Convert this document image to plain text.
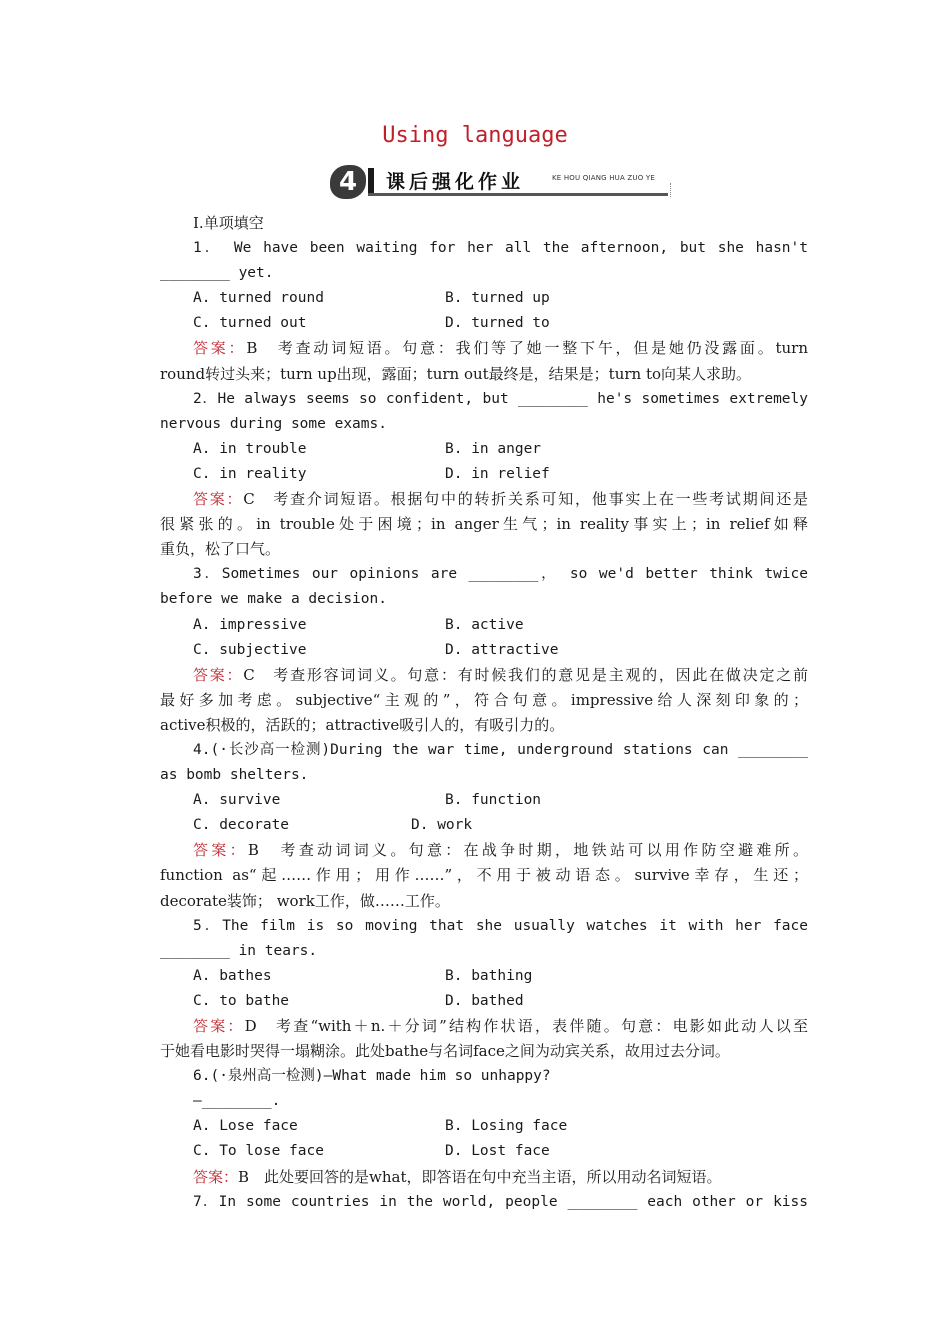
Using language
4	课后强化作业	KE HOU QIANG HUA ZUO YE
Ⅰ.单项填空
1． We have been waiting for her all the afternoon, but she hasn't
________ yet.
A. turned round	B. turned up
C. turned out	D. turned to
答案：B　考查动词短语。句意：我们等了她一整下午，但是她仍没露面。turn
round转过头来；turn up出现，露面；turn out最终是，结果是；turn to向某人求助。
2．He always seems so confident, but ________ he's sometimes extremely
nervous during some exams.
A. in trouble	B. in anger
C. in reality	D. in relief
答案：C　考查介词短语。根据句中的转折关系可知，他事实上在一些考试期间还是
很紧张的。in trouble处于困境；in anger生气；in reality事实上；in relief如释
重负，松了口气。
3．Sometimes our opinions are ________， so we'd better think twice
before we make a decision.
A. impressive	B. active
C. subjective	D. attractive
答案：C　考查形容词词义。句意：有时候我们的意见是主观的，因此在做决定之前
最好多加考虑。subjective“主观的”，符合句意。impressive给人深刻印象的；
active积极的，活跃的；attractive吸引人的，有吸引力的。
4.(·长沙高一检测)During the war time, underground stations can ________
as bomb shelters.
A. survive	B. function
C. decorate	D. work
答案：B　考查动词词义。句意：在战争时期，地铁站可以用作防空避难所。
function as“起……作用；用作……”，不用于被动语态。survive幸存，生还；
decorate装饰； work工作，做……工作。
5．The film is so moving that she usually watches it with her face
________ in tears.
A. bathes	B. bathing
C. to bathe	D. bathed
答案：D　考查“with＋n.＋分词”结构作状语，表伴随。句意：电影如此动人以至
于她看电影时哭得一塌糊涂。此处bathe与名词face之间为动宾关系，故用过去分词。
6.(·泉州高一检测)—What made him so unhappy?
—________.
A. Lose face	B. Losing face
C. To lose face	D. Lost face
答案：B　此处要回答的是what，即答语在句中充当主语，所以用动名词短语。
7．In some countries in the world, people ________ each other or kiss
